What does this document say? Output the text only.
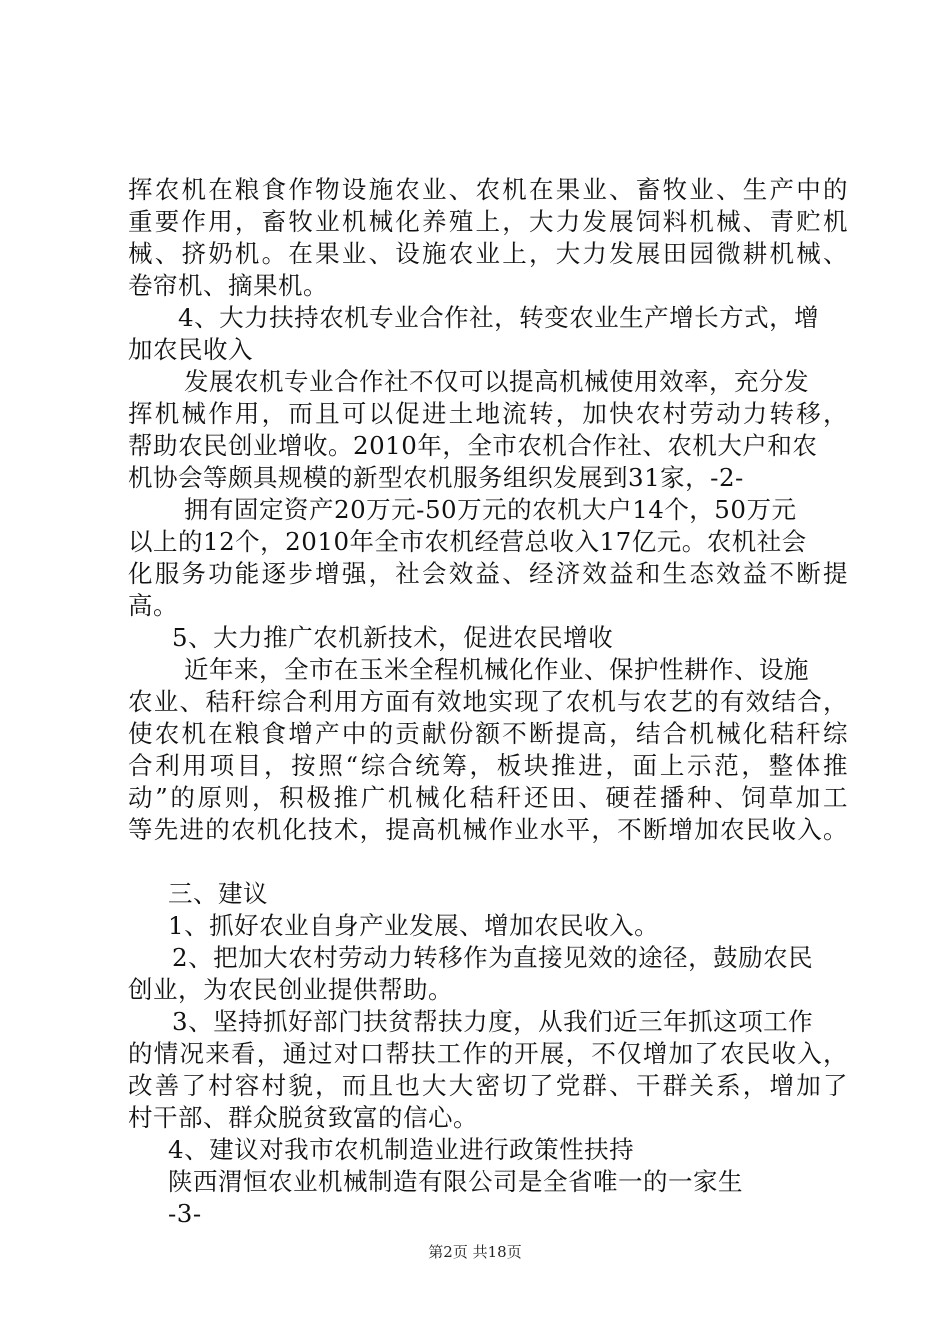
挥农机在粮食作物设施农业、农机在果业、畜牧业、生产中的
重要作用，畜牧业机械化养殖上，大力发展饲料机械、青贮机
械、挤奶机。在果业、设施农业上，大力发展田园微耕机械、
卷帘机、摘果机。
4、大力扶持农机专业合作社，转变农业生产增长方式，增
加农民收入
发展农机专业合作社不仅可以提高机械使用效率，充分发
挥机械作用，而且可以促进土地流转，加快农村劳动力转移，
帮助农民创业增收。2010年，全市农机合作社、农机大户和农
机协会等颇具规模的新型农机服务组织发展到31家，-2-
拥有固定资产20万元-50万元的农机大户14个，50万元
以上的12个，2010年全市农机经营总收入17亿元。农机社会
化服务功能逐步增强，社会效益、经济效益和生态效益不断提
高。
5、大力推广农机新技术，促进农民增收
近年来，全市在玉米全程机械化作业、保护性耕作、设施
农业、秸秆综合利用方面有效地实现了农机与农艺的有效结合，
使农机在粮食增产中的贡献份额不断提高，结合机械化秸秆综
合利用项目，按照“综合统筹，板块推进，面上示范，整体推
动”的原则，积极推广机械化秸秆还田、硬茬播种、饲草加工
等先进的农机化技术，提高机械作业水平，不断增加农民收入。
三、建议
1、抓好农业自身产业发展、增加农民收入。
2、把加大农村劳动力转移作为直接见效的途径，鼓励农民
创业，为农民创业提供帮助。
3、坚持抓好部门扶贫帮扶力度，从我们近三年抓这项工作
的情况来看，通过对口帮扶工作的开展，不仅增加了农民收入，
改善了村容村貌，而且也大大密切了党群、干群关系，增加了
村干部、群众脱贫致富的信心。
4、建议对我市农机制造业进行政策性扶持
陕西渭恒农业机械制造有限公司是全省唯一的一家生
-3-
第2页 共18页
